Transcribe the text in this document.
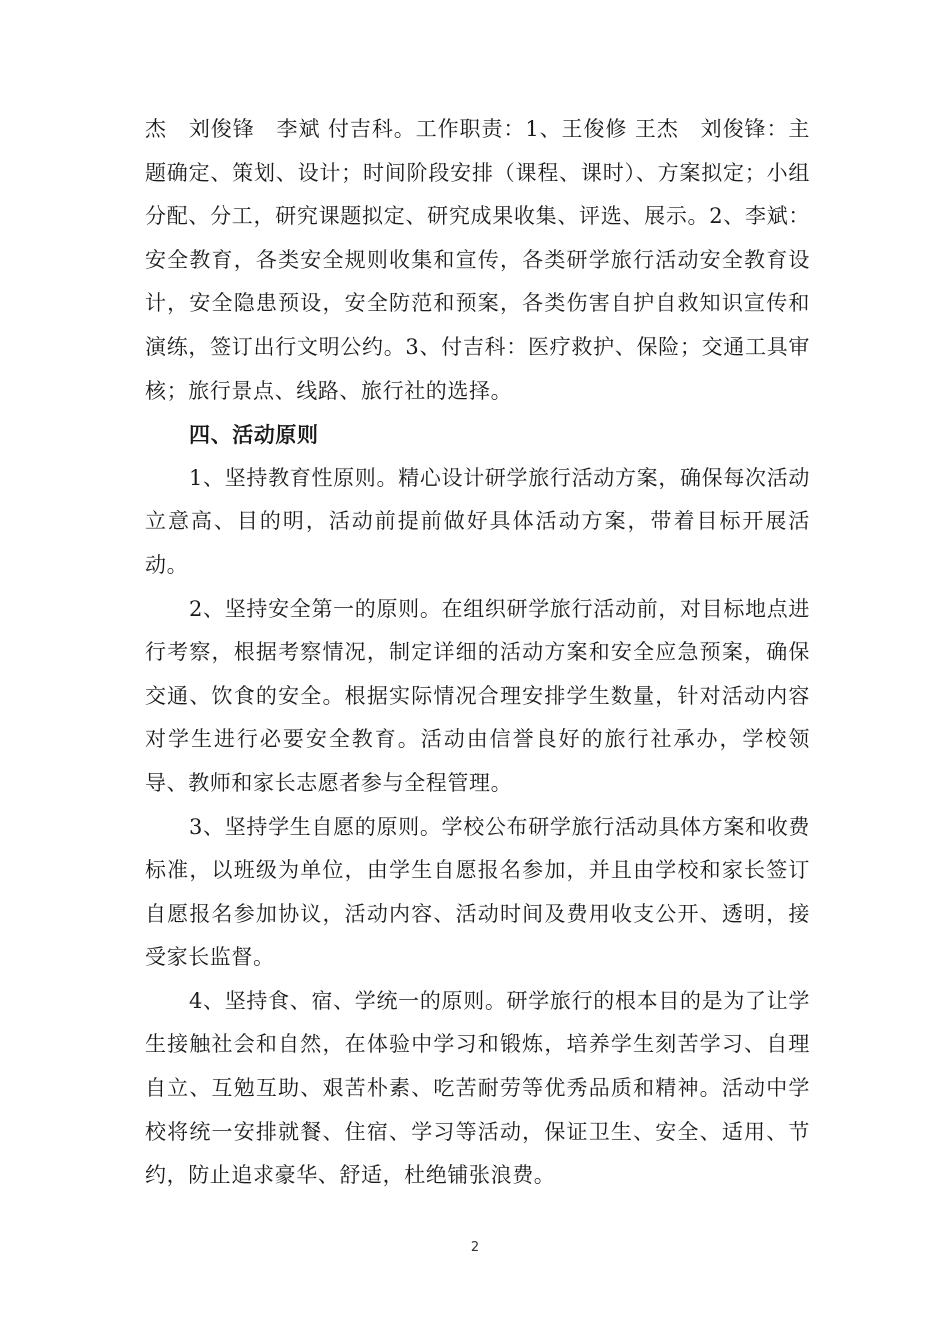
杰　刘俊锋　李斌 付吉科。工作职责：1、王俊修 王杰　刘俊锋：主题确定、策划、设计；时间阶段安排（课程、课时）、方案拟定；小组分配、分工，研究课题拟定、研究成果收集、评选、展示。2、李斌：安全教育，各类安全规则收集和宣传，各类研学旅行活动安全教育设计，安全隐患预设，安全防范和预案，各类伤害自护自救知识宣传和演练，签订出行文明公约。3、付吉科：医疗救护、保险；交通工具审核；旅行景点、线路、旅行社的选择。

四、活动原则

1、坚持教育性原则。精心设计研学旅行活动方案，确保每次活动立意高、目的明，活动前提前做好具体活动方案，带着目标开展活动。

2、坚持安全第一的原则。在组织研学旅行活动前，对目标地点进行考察，根据考察情况，制定详细的活动方案和安全应急预案，确保交通、饮食的安全。根据实际情况合理安排学生数量，针对活动内容对学生进行必要安全教育。活动由信誉良好的旅行社承办，学校领导、教师和家长志愿者参与全程管理。

3、坚持学生自愿的原则。学校公布研学旅行活动具体方案和收费标准，以班级为单位，由学生自愿报名参加，并且由学校和家长签订自愿报名参加协议，活动内容、活动时间及费用收支公开、透明，接受家长监督。

4、坚持食、宿、学统一的原则。研学旅行的根本目的是为了让学生接触社会和自然，在体验中学习和锻炼，培养学生刻苦学习、自理自立、互勉互助、艰苦朴素、吃苦耐劳等优秀品质和精神。活动中学校将统一安排就餐、住宿、学习等活动，保证卫生、安全、适用、节约，防止追求豪华、舒适，杜绝铺张浪费。

2
